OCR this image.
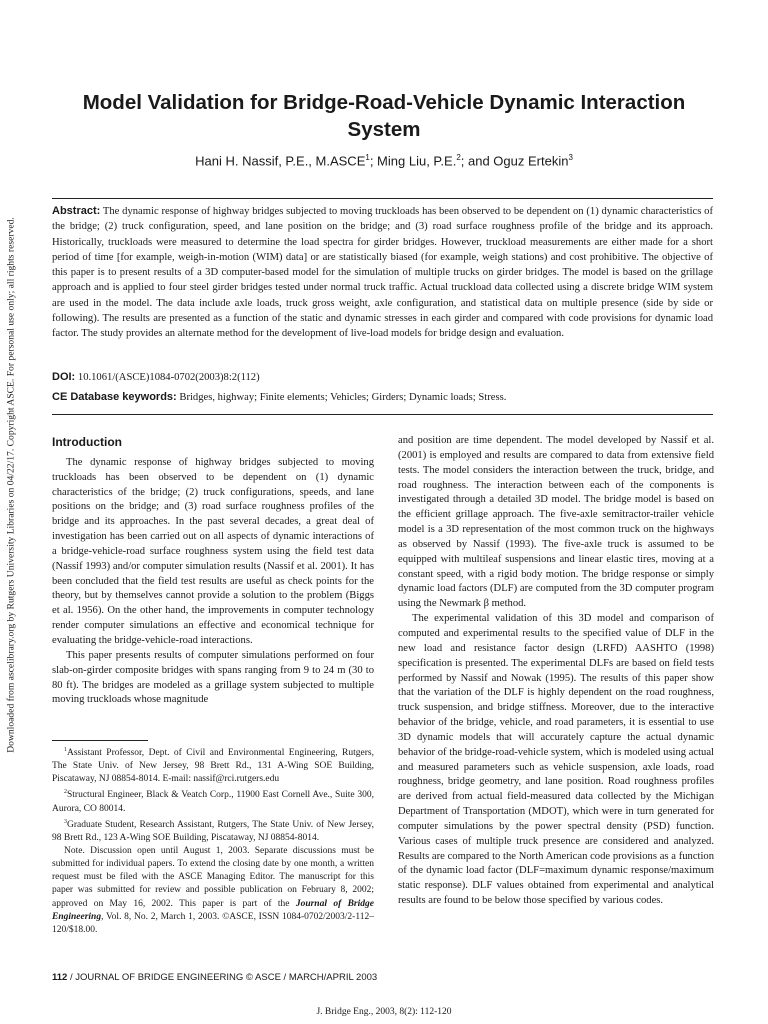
Downloaded from ascelibrary.org by Rutgers University Libraries on 04/22/17. Copyright ASCE. For personal use only; all rights reserved.
Model Validation for Bridge-Road-Vehicle Dynamic Interaction System
Hani H. Nassif, P.E., M.ASCE$^1$; Ming Liu, P.E.$^2$; and Oguz Ertekin$^3$
Abstract: The dynamic response of highway bridges subjected to moving truckloads has been observed to be dependent on (1) dynamic characteristics of the bridge; (2) truck configuration, speed, and lane position on the bridge; and (3) road surface roughness profile of the bridge and its approach. Historically, truckloads were measured to determine the load spectra for girder bridges. However, truckload measurements are either made for a short period of time [for example, weigh-in-motion (WIM) data] or are statistically biased (for example, weigh stations) and cost prohibitive. The objective of this paper is to present results of a 3D computer-based model for the simulation of multiple trucks on girder bridges. The model is based on the grillage approach and is applied to four steel girder bridges tested under normal truck traffic. Actual truckload data collected using a discrete bridge WIM system are used in the model. The data include axle loads, truck gross weight, axle configuration, and statistical data on multiple presence (side by side or following). The results are presented as a function of the static and dynamic stresses in each girder and compared with code provisions for dynamic load factor. The study provides an alternate method for the development of live-load models for bridge design and evaluation.
DOI: 10.1061/(ASCE)1084-0702(2003)8:2(112)
CE Database keywords: Bridges, highway; Finite elements; Vehicles; Girders; Dynamic loads; Stress.
Introduction

The dynamic response of highway bridges subjected to moving truckloads has been observed to be dependent on (1) dynamic characteristics of the bridge; (2) truck configurations, speeds, and lane positions on the bridge; and (3) road surface roughness profiles of the bridge and its approaches. In the past several decades, a great deal of investigation has been carried out on all aspects of dynamic interactions of a bridge-vehicle-road surface roughness system using the field test data (Nassif 1993) and/or computer simulation results (Nassif et al. 2001). It has been concluded that the field test results are useful as check points for the theory, but by themselves cannot provide a solution to the problem (Biggs et al. 1956). On the other hand, the improvements in computer technology render computer simulations an effective and economical technique for evaluating the bridge-vehicle-road interactions.

This paper presents results of computer simulations performed on four slab-on-girder composite bridges with spans ranging from 9 to 24 m (30 to 80 ft). The bridges are modeled as a grillage system subjected to multiple moving truckloads whose magnitude

$^1$Assistant Professor, Dept. of Civil and Environmental Engineering, Rutgers, The State Univ. of New Jersey, 98 Brett Rd., 131 A-Wing SOE Building, Piscataway, NJ 08854-8014. E-mail: nassif@rci.rutgers.edu

$^2$Structural Engineer, Black & Veatch Corp., 11900 East Cornell Ave., Suite 300, Aurora, CO 80014.

$^3$Graduate Student, Research Assistant, Rutgers, The State Univ. of New Jersey, 98 Brett Rd., 123 A-Wing SOE Building, Piscataway, NJ 08854-8014.

Note. Discussion open until August 1, 2003. Separate discussions must be submitted for individual papers. To extend the closing date by one month, a written request must be filed with the ASCE Managing Editor. The manuscript for this paper was submitted for review and possible publication on February 8, 2002; approved on May 16, 2002. This paper is part of the Journal of Bridge Engineering, Vol. 8, No. 2, March 1, 2003. ©ASCE, ISSN 1084-0702/2003/2-112–120/$18.00.

and position are time dependent. The model developed by Nassif et al. (2001) is employed and results are compared to data from extensive field tests. The model considers the interaction between the truck, bridge, and road roughness. The interaction between each of the components is investigated through a detailed 3D model. The bridge model is based on the efficient grillage approach. The five-axle semitractor-trailer vehicle model is a 3D representation of the most common truck on the highways as observed by Nassif (1993). The five-axle truck is assumed to be equipped with multileaf suspensions and linear elastic tires, moving at a constant speed, with a rigid body motion. The bridge response or simply dynamic load factors (DLF) are computed from the 3D computer program using the Newmark β method.

The experimental validation of this 3D model and comparison of computed and experimental results to the specified value of DLF in the new load and resistance factor design (LRFD) AASHTO (1998) specification is presented. The experimental DLFs are based on field tests performed by Nassif and Nowak (1995). The results of this paper show that the variation of the DLF is highly dependent on the road roughness, truck suspension, and bridge stiffness. Moreover, due to the interactive behavior of the bridge, vehicle, and road parameters, it is essential to use 3D dynamic models that will accurately capture the actual dynamic behavior of the bridge-road-vehicle system, which is modeled using actual and measured parameters such as vehicle suspension, axle loads, road roughness, bridge geometry, and lane position. Road roughness profiles are derived from actual field-measured data collected by the Michigan Department of Transportation (MDOT), which were in turn generated for computer simulations by the power spectral density (PSD) function. Various cases of multiple truck presence are considered and analyzed. Results are compared to the North American code provisions as a function of the dynamic load factor (DLF=maximum dynamic response/maximum static response). DLF values obtained from experimental and analytical results are found to be below those specified by various codes.

112 / JOURNAL OF BRIDGE ENGINEERING © ASCE / MARCH/APRIL 2003
J. Bridge Eng., 2003, 8(2): 112-120
